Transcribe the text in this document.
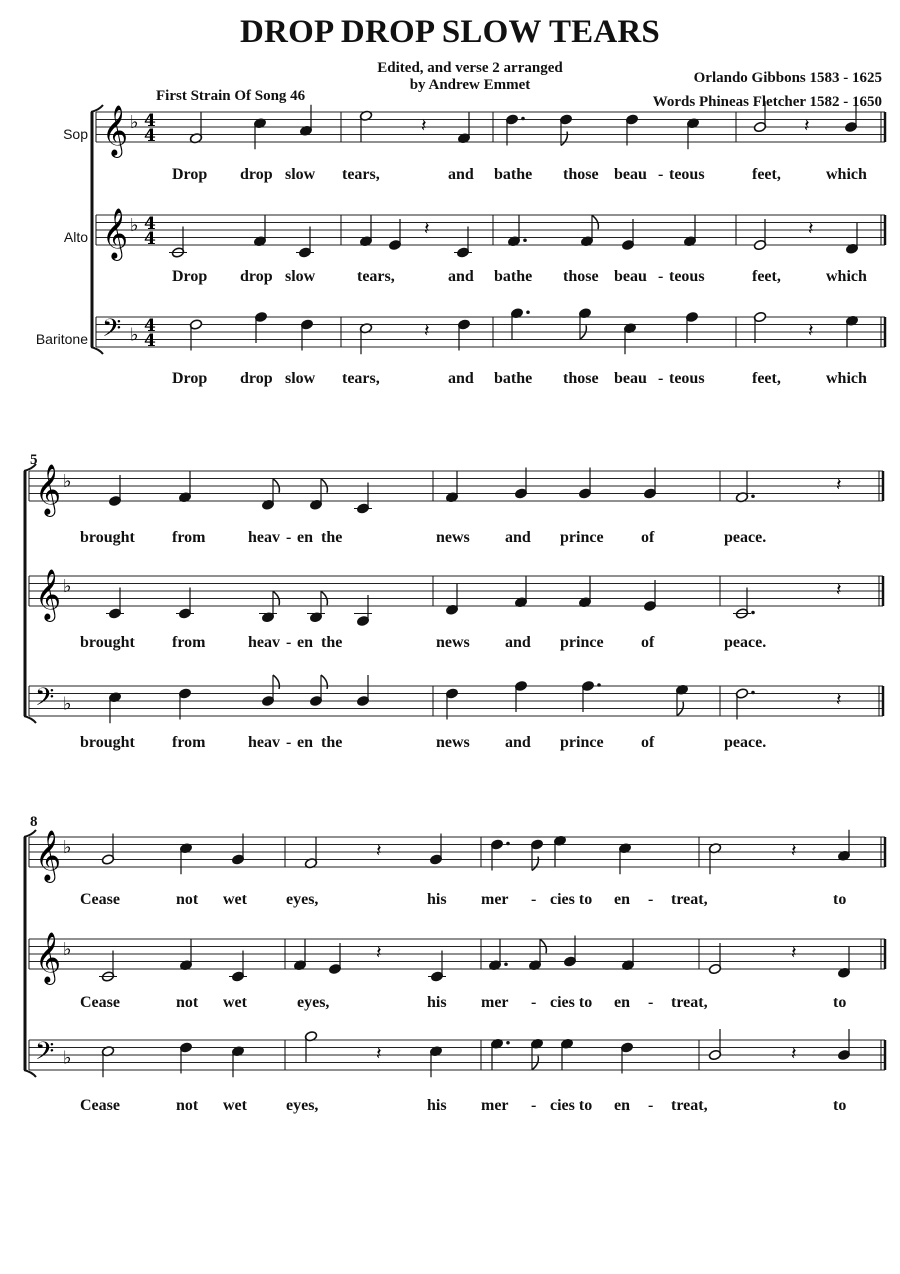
DROP DROP SLOW TEARS
Edited, and verse 2 arranged
by Andrew Emmet	Orlando Gibbons 1583 - 1625
Words Phineas Fletcher 1582 - 1650
First Strain Of Song 46
Sop
Alto
Baritone
5
8
𝄞 ♭ 4
4
𝄞 ♭ 4
4
𝄢 ♭ 4
4
𝄞 ♭
𝄞 ♭
𝄢 ♭
𝄞 ♭
𝄞 ♭
𝄢 ♭
𝄽	𝄽
𝄽	𝄽
𝄽	𝄽
𝄽
𝄽
𝄽
𝄽	𝄽
𝄽	𝄽
𝄽	𝄽
Drop drop slow tears,	and bathe those beau - teous	feet,	which
Drop drop slow	tears,	and bathe those beau - teous	feet,	which
Drop drop slow tears,	and bathe those beau - teous	feet,	which
brought from	heav - en the	news and prince of	peace.
brought from	heav - en the	news and prince of	peace.
brought from	heav - en the	news and prince of	peace.
Cease	not wet eyes,	his mer - cies to en - treat,	to
Cease	not wet	eyes,	his mer - cies to en - treat,	to
Cease	not wet eyes,	his mer - cies to en - treat,	to
